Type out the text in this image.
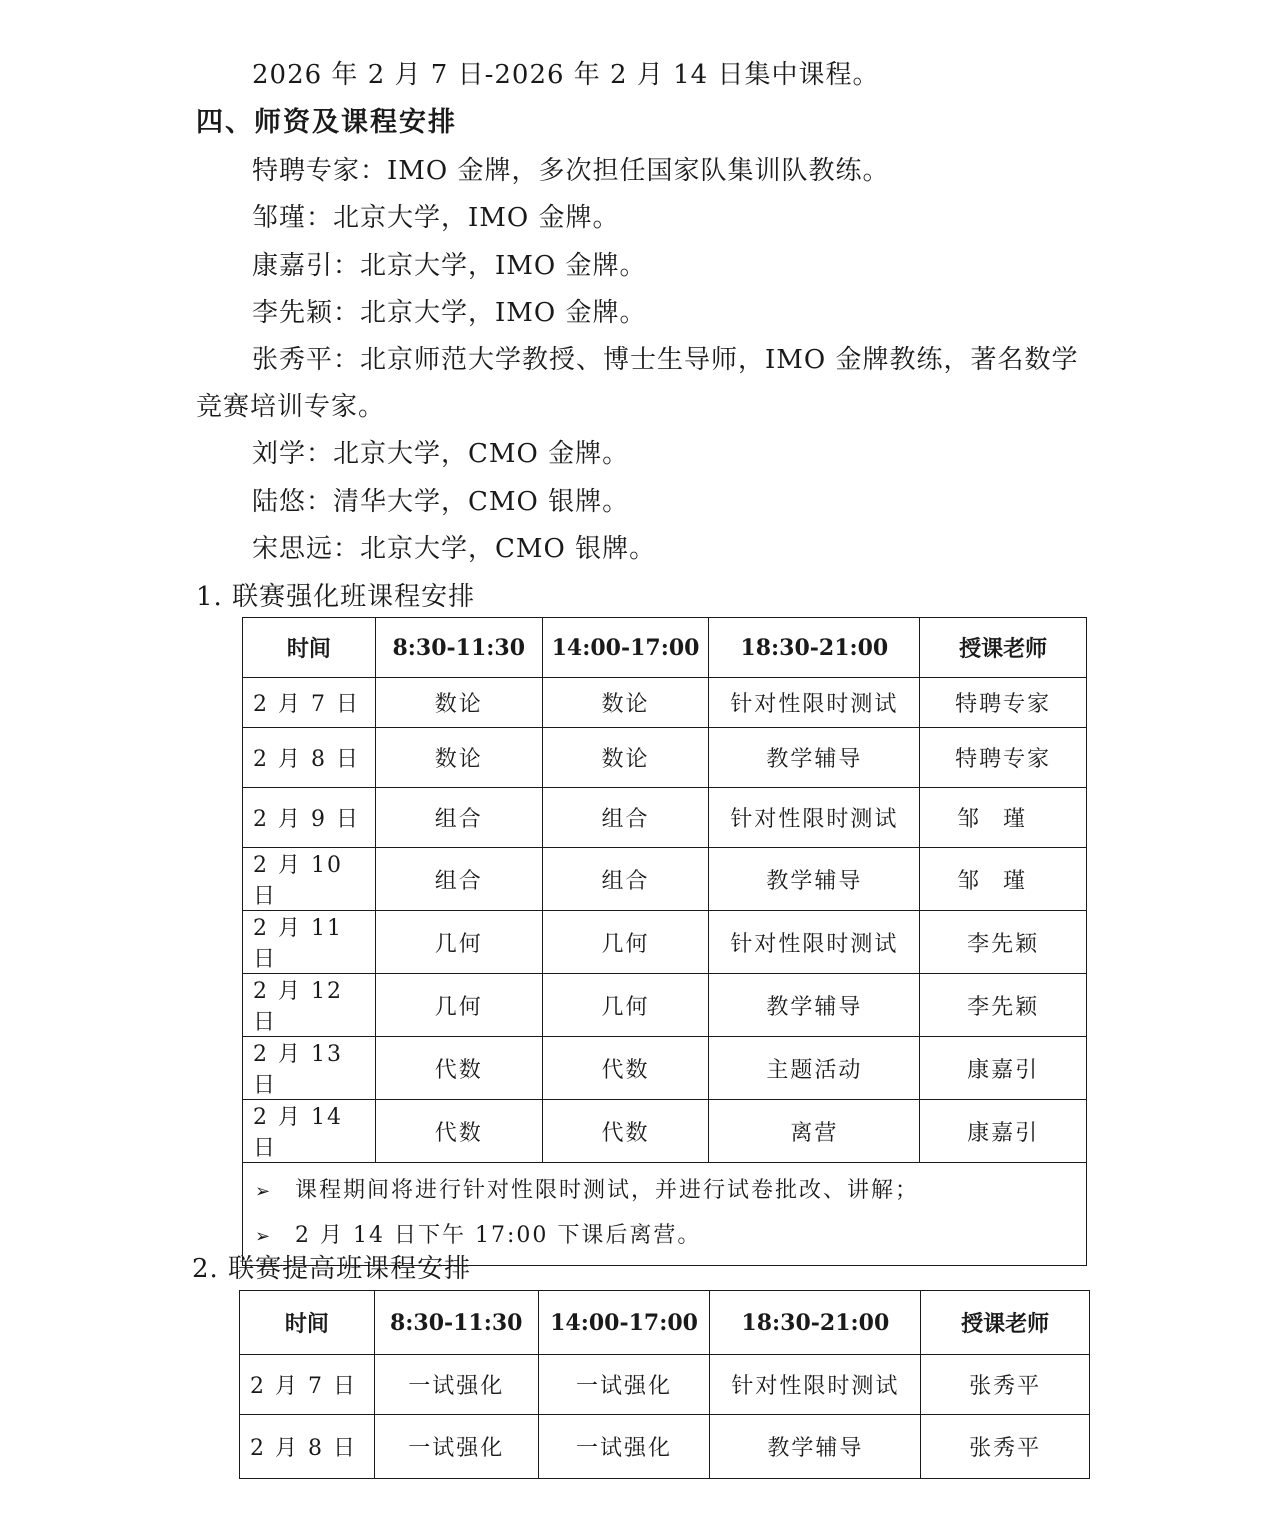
2026 年 2 月 7 日-2026 年 2 月 14 日集中课程。
四、师资及课程安排
特聘专家：IMO 金牌，多次担任国家队集训队教练。
邹瑾：北京大学，IMO 金牌。
康嘉引：北京大学，IMO 金牌。
李先颖：北京大学，IMO 金牌。
张秀平：北京师范大学教授、博士生导师，IMO 金牌教练，著名数学
竞赛培训专家。
刘学：北京大学，CMO 金牌。
陆悠：清华大学，CMO 银牌。
宋思远：北京大学，CMO 银牌。
1. 联赛强化班课程安排
时间	8:30-11:30	14:00-17:00	18:30-21:00	授课老师
2 月 7 日	数论	数论	针对性限时测试	特聘专家
2 月 8 日	数论	数论	教学辅导	特聘专家
2 月 9 日	组合	组合	针对性限时测试	邹瑾
2 月 10 日	组合	组合	教学辅导	邹瑾
2 月 11 日	几何	几何	针对性限时测试	李先颖
2 月 12 日	几何	几何	教学辅导	李先颖
2 月 13 日	代数	代数	主题活动	康嘉引
2 月 14 日	代数	代数	离营	康嘉引

➢ 课程期间将进行针对性限时测试，并进行试卷批改、讲解；
➢ 2 月 14 日下午 17:00 下课后离营。				
2. 联赛提高班课程安排
时间	8:30-11:30	14:00-17:00	18:30-21:00	授课老师
2 月 7 日	一试强化	一试强化	针对性限时测试	张秀平
2 月 8 日	一试强化	一试强化	教学辅导	张秀平
